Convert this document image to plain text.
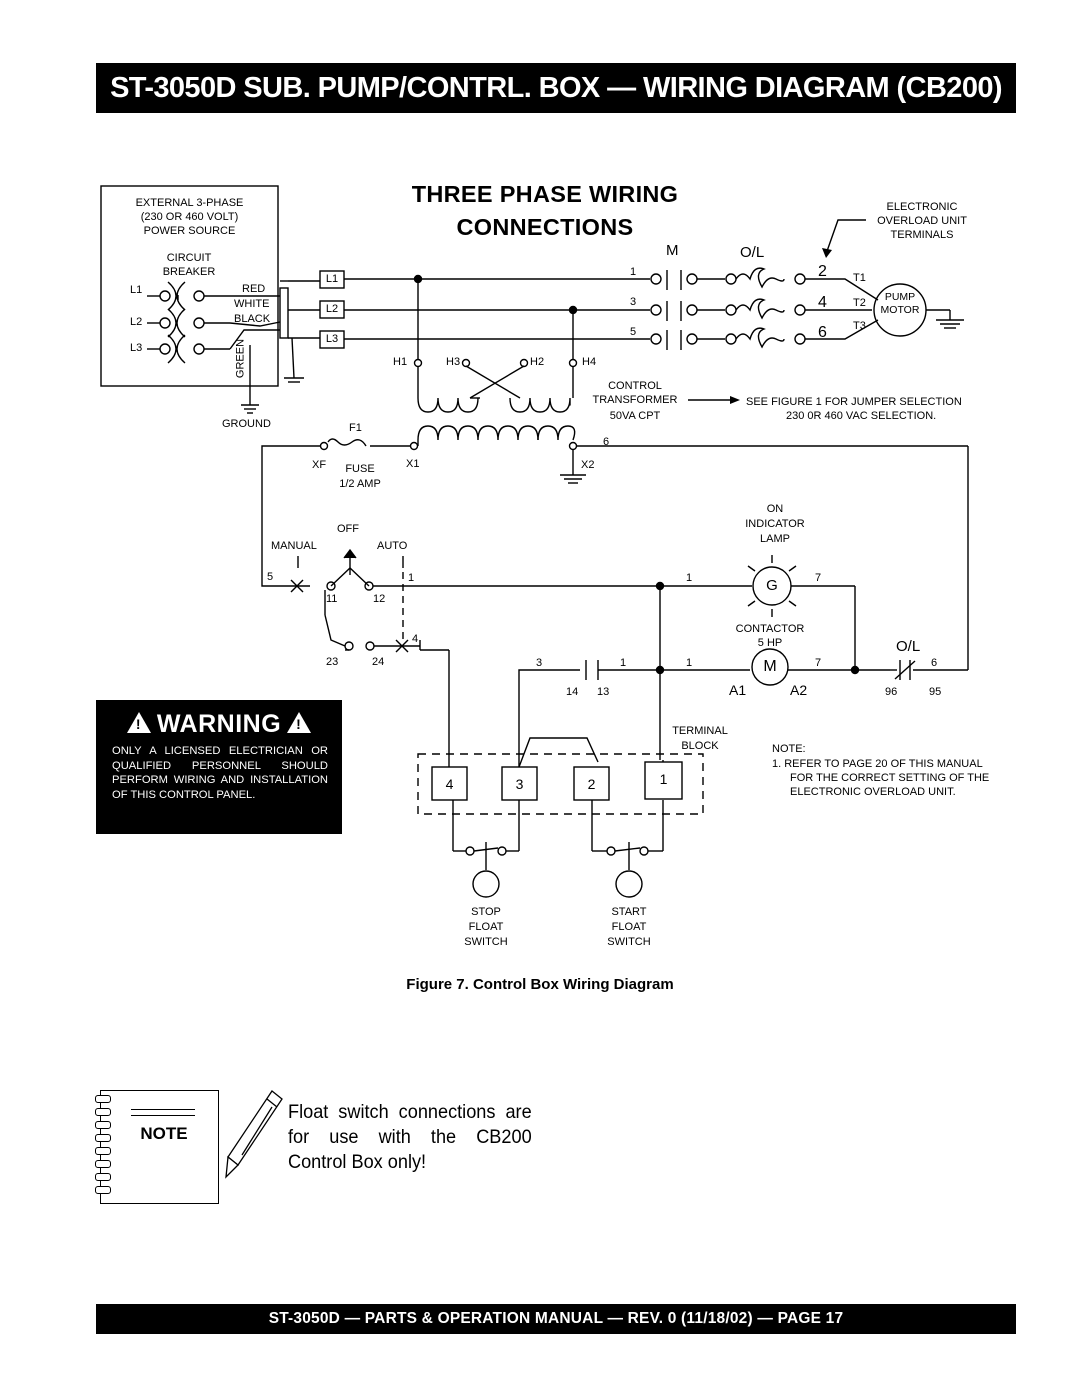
ST-3050D SUB. PUMP/CONTRL. BOX — WIRING DIAGRAM (CB200)
THREE PHASE WIRING
CONNECTIONS
EXTERNAL 3-PHASE
(230 OR 460 VOLT)
POWER SOURCE
CIRCUIT
BREAKER
L1
L2
L3
RED
WHITE
BLACK
GREEN
GROUND
L1
L2
L3
M	O/L
1
3
5
2
4
6
T1
T2
T3
PUMP
MOTOR
ELECTRONIC
OVERLOAD UNIT
TERMINALS
H1	H3	H2	H4
CONTROL
TRANSFORMER
50VA CPT
SEE FIGURE 1 FOR JUMPER SELECTION
230 0R 460 VAC SELECTION.
F1
XF	X1	X2
FUSE
1/2 AMP
6
OFF
MANUAL	AUTO
5
11	12
23	24
4
1	1	7
ON
INDICATOR
LAMP
G
CONTACTOR
5 HP
M
3	1	1	7	6
14 13	A1	A2	96	95
O/L
TERMINAL
BLOCK
4	3	2	1
STOP
FLOAT
SWITCH
START
FLOAT
SWITCH
NOTE:
1. REFER TO PAGE 20 OF THIS MANUAL
FOR THE CORRECT SETTING OF THE
ELECTRONIC OVERLOAD UNIT.
!WARNING!
ONLY A LICENSED ELECTRICIAN OR QUALIFIED PERSONNEL SHOULD PERFORM WIRING AND INSTALLATION OF THIS CONTROL PANEL.
Figure 7. Control Box Wiring Diagram
NOTE
Float switch connections are for use with the CB200 Control Box only!
ST-3050D — PARTS & OPERATION MANUAL — REV. 0 (11/18/02) — PAGE 17
